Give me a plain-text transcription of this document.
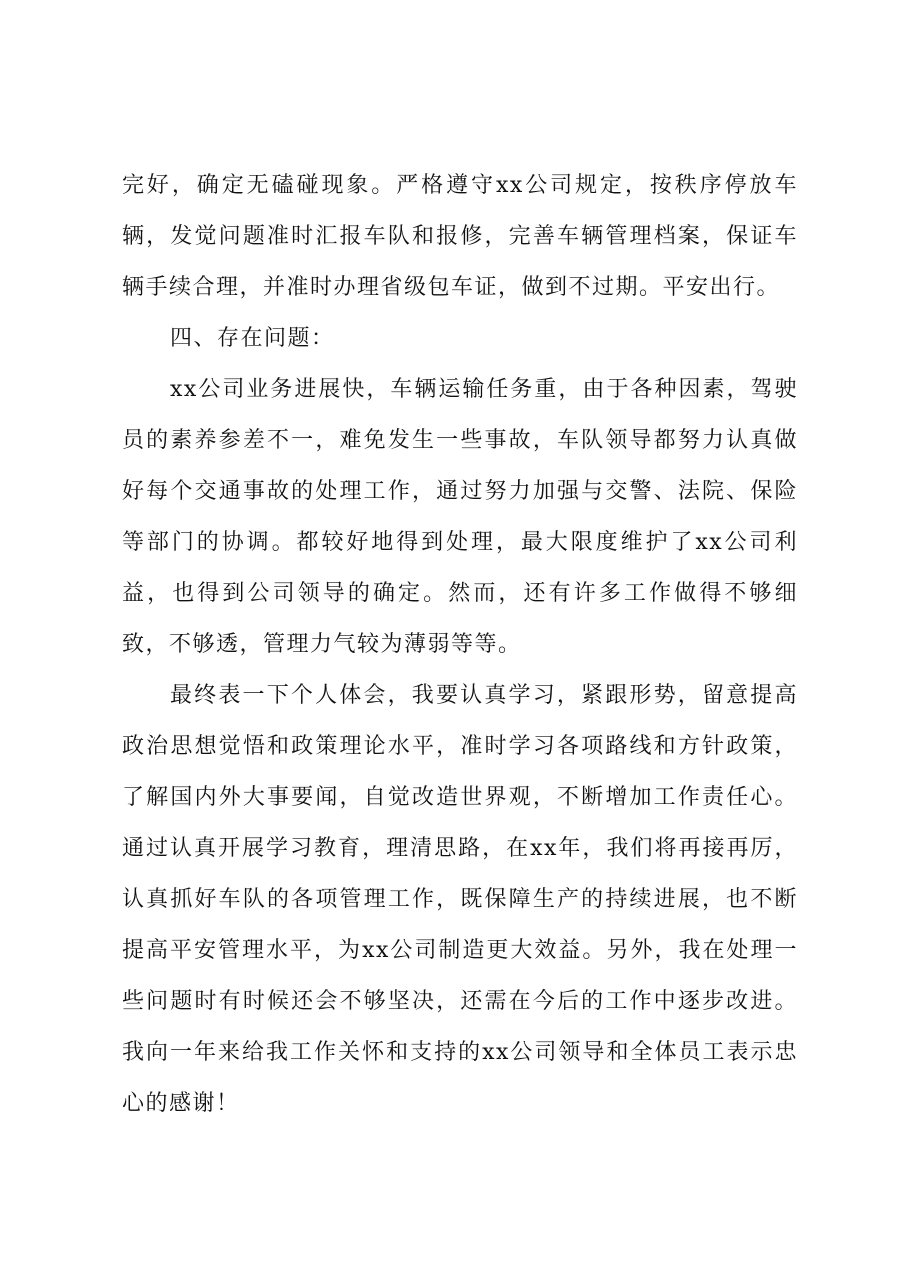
完好，确定无磕碰现象。严格遵守xx公司规定，按秩序停放车辆，发觉问题准时汇报车队和报修，完善车辆管理档案，保证车辆手续合理，并准时办理省级包车证，做到不过期。平安出行。

四、存在问题：

xx公司业务进展快，车辆运输任务重，由于各种因素，驾驶员的素养参差不一，难免发生一些事故，车队领导都努力认真做好每个交通事故的处理工作，通过努力加强与交警、法院、保险等部门的协调。都较好地得到处理，最大限度维护了xx公司利益，也得到公司领导的确定。然而，还有许多工作做得不够细致，不够透，管理力气较为薄弱等等。

最终表一下个人体会，我要认真学习，紧跟形势，留意提高政治思想觉悟和政策理论水平，准时学习各项路线和方针政策，了解国内外大事要闻，自觉改造世界观，不断增加工作责任心。通过认真开展学习教育，理清思路，在xx年，我们将再接再厉，认真抓好车队的各项管理工作，既保障生产的持续进展，也不断提高平安管理水平，为xx公司制造更大效益。另外，我在处理一些问题时有时候还会不够坚决，还需在今后的工作中逐步改进。我向一年来给我工作关怀和支持的xx公司领导和全体员工表示忠心的感谢！
